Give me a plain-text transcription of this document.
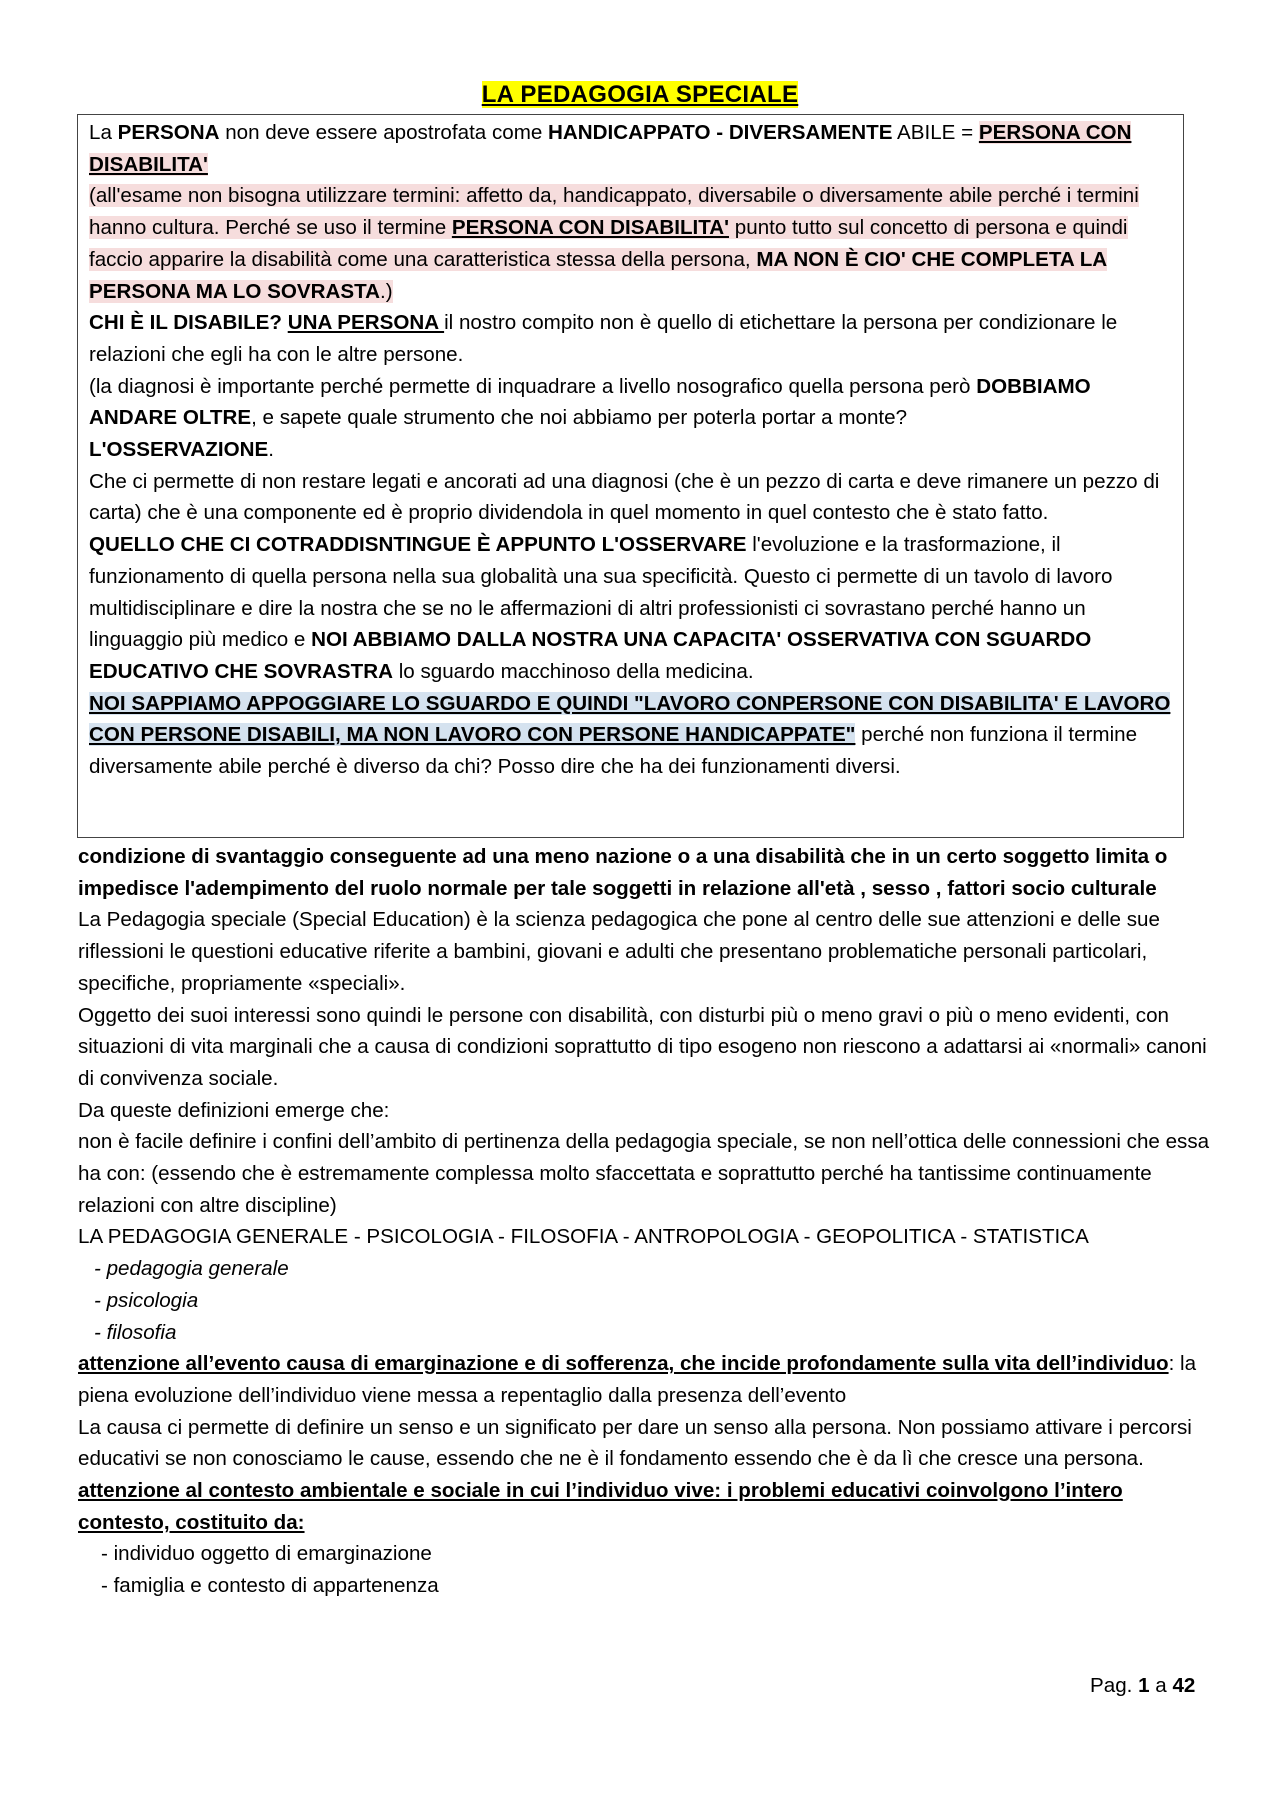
LA PEDAGOGIA SPECIALE

La PERSONA non deve essere apostrofata come HANDICAPPATO - DIVERSAMENTE ABILE = PERSONA CON DISABILITA'

(all'esame non bisogna utilizzare termini: affetto da, handicappato, diversabile o diversamente abile perché i termini hanno cultura. Perché se uso il termine PERSONA CON DISABILITA' punto tutto sul concetto di persona e quindi faccio apparire la disabilità come una caratteristica stessa della persona, MA NON È CIO' CHE COMPLETA LA PERSONA MA LO SOVRASTA.)

CHI È IL DISABILE? UNA PERSONA il nostro compito non è quello di etichettare la persona per condizionare le relazioni che egli ha con le altre persone.

(la diagnosi è importante perché permette di inquadrare a livello nosografico quella persona però DOBBIAMO ANDARE OLTRE, e sapete quale strumento che noi abbiamo per poterla portar a monte?

L'OSSERVAZIONE.

Che ci permette di non restare legati e ancorati ad una diagnosi (che è un pezzo di carta e deve rimanere un pezzo di carta) che è una componente ed è proprio dividendola in quel momento in quel contesto che è stato fatto.

QUELLO CHE CI COTRADDISNTINGUE È APPUNTO L'OSSERVARE l'evoluzione e la trasformazione, il funzionamento di quella persona nella sua globalità una sua specificità. Questo ci permette di un tavolo di lavoro multidisciplinare e dire la nostra che se no le affermazioni di altri professionisti ci sovrastano perché hanno un linguaggio più medico e NOI ABBIAMO DALLA NOSTRA UNA CAPACITA' OSSERVATIVA CON SGUARDO EDUCATIVO CHE SOVRASTRA lo sguardo macchinoso della medicina.

NOI SAPPIAMO APPOGGIARE LO SGUARDO E QUINDI "LAVORO CONPERSONE CON DISABILITA' E LAVORO CON PERSONE DISABILI, MA NON LAVORO CON PERSONE HANDICAPPATE" perché non funziona il termine diversamente abile perché è diverso da chi? Posso dire che ha dei funzionamenti diversi.

condizione di svantaggio conseguente ad una meno nazione o a una disabilità che in un certo soggetto limita o impedisce l'adempimento del ruolo normale per tale soggetti in relazione all'età , sesso , fattori socio culturale

La Pedagogia speciale (Special Education) è la scienza pedagogica che pone al centro delle sue attenzioni e delle sue riflessioni le questioni educative riferite a bambini, giovani e adulti che presentano problematiche personali particolari, specifiche, propriamente «speciali».

Oggetto dei suoi interessi sono quindi le persone con disabilità, con disturbi più o meno gravi o più o meno evidenti, con situazioni di vita marginali che a causa di condizioni soprattutto di tipo esogeno non riescono a adattarsi ai «normali» canoni di convivenza sociale.

Da queste definizioni emerge che:

non è facile definire i confini dell’ambito di pertinenza della pedagogia speciale, se non nell’ottica delle connessioni che essa ha con: (essendo che è estremamente complessa molto sfaccettata e soprattutto perché ha tantissime continuamente relazioni con altre discipline)

LA PEDAGOGIA GENERALE - PSICOLOGIA - FILOSOFIA - ANTROPOLOGIA - GEOPOLITICA - STATISTICA

- pedagogia generale

- psicologia

- filosofia

attenzione all’evento causa di emarginazione e di sofferenza, che incide profondamente sulla vita dell’individuo: la piena evoluzione dell’individuo viene messa a repentaglio dalla presenza dell’evento

La causa ci permette di definire un senso e un significato per dare un senso alla persona. Non possiamo attivare i percorsi educativi se non conosciamo le cause, essendo che ne è il fondamento essendo che è da lì che cresce una persona.

attenzione al contesto ambientale e sociale in cui l’individuo vive: i problemi educativi coinvolgono l’intero contesto, costituito da:

- individuo oggetto di emarginazione

- famiglia e contesto di appartenenza

Pag. 1 a 42
